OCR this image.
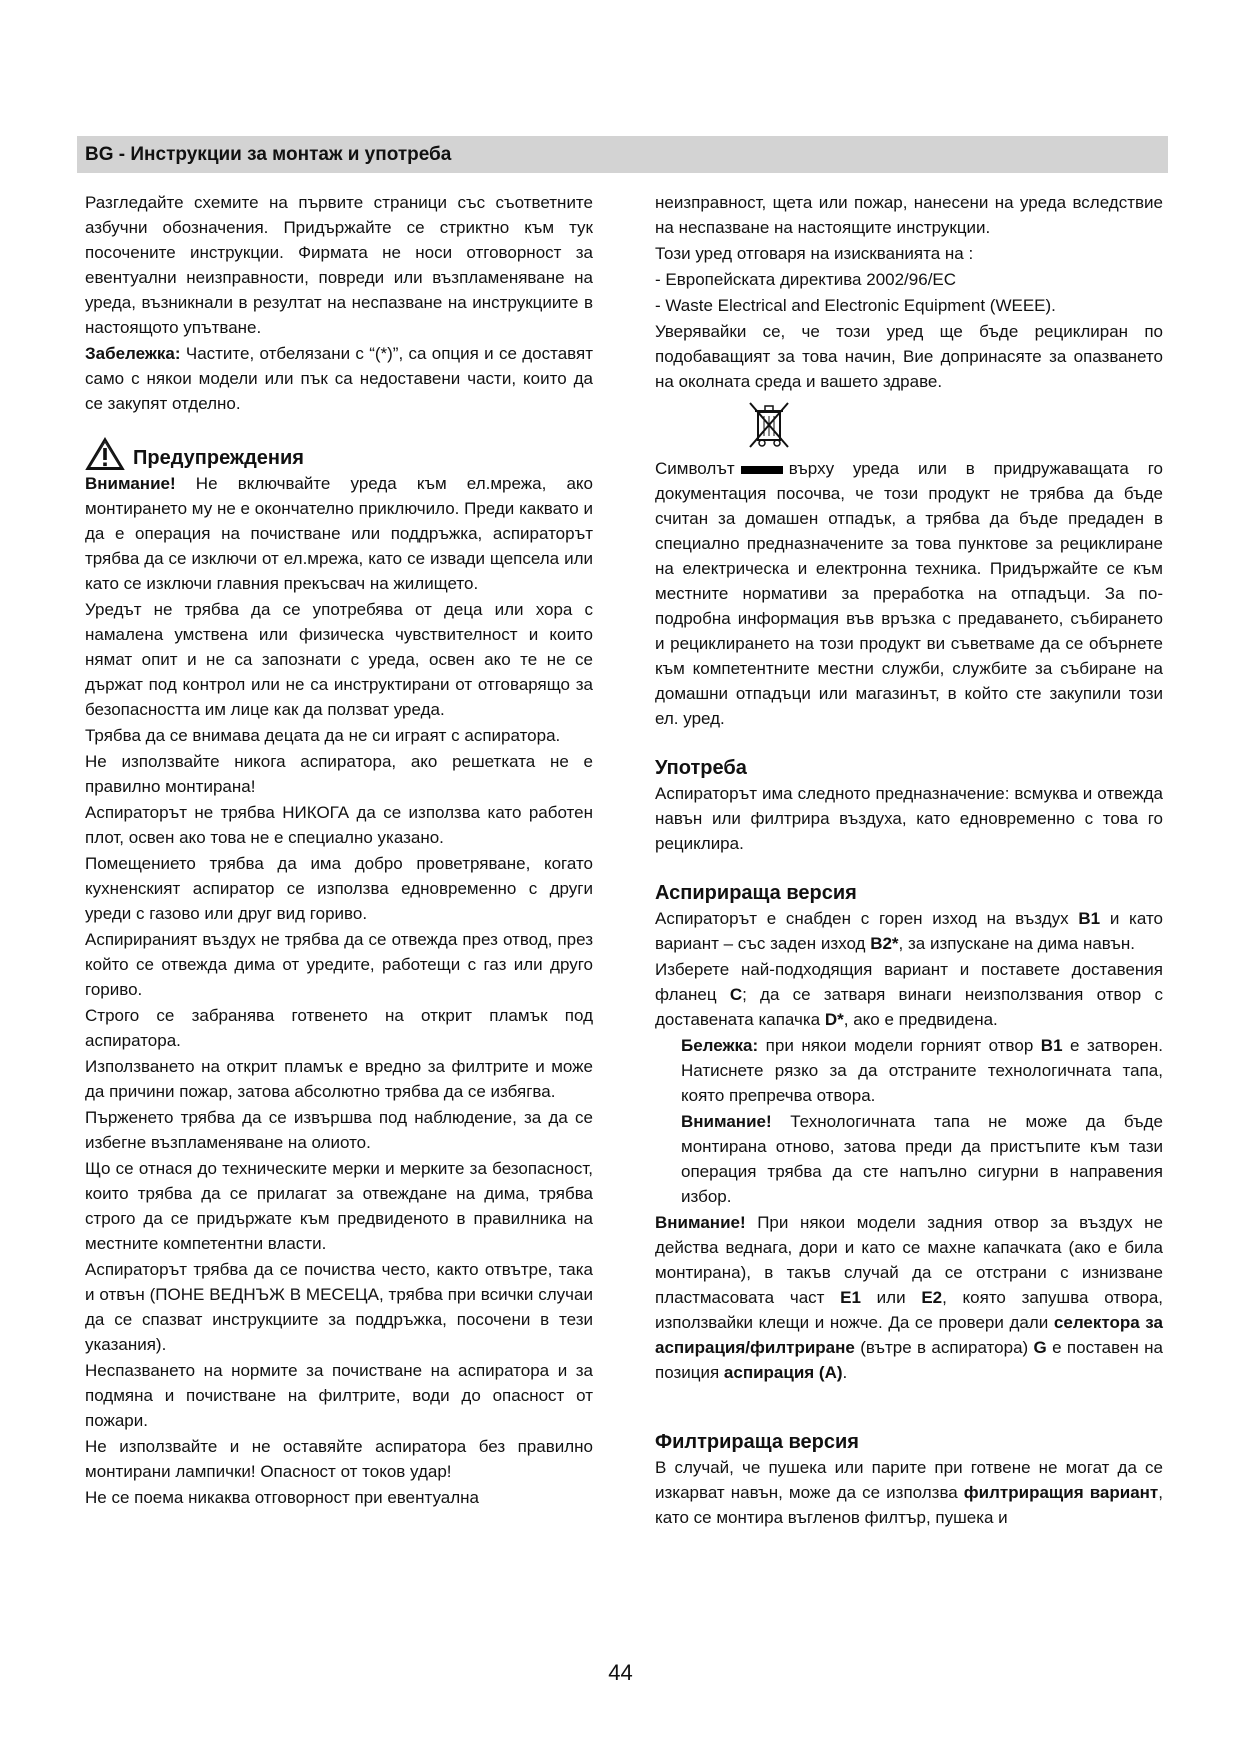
BG - Инструкции за монтаж и употреба

Разгледайте схемите на първите страници със съответните азбучни обозначения. Придържайте се стриктно към тук посочените инструкции. Фирмата не носи отговорност за евентуални неизправности, повреди или възпламеняване на уреда, възникнали в резултат на неспазване на инструкциите в настоящото упътване.

Забележка: Частите, отбелязани с “(*)”, са опция и се доставят само с някои модели или пък са недоставени части, които да се закупят отделно.

Предупреждения

Внимание! Не включвайте уреда към ел.мрежа, ако монтирането му не е окончателно приключило. Преди каквато и да е операция на почистване или поддръжка, аспираторът трябва да се изключи от ел.мрежа, като се извади щепсела или като се изключи главния прекъсвач на жилището.

Уредът не трябва да се употребява от деца или хора с намалена умствена или физическа чувствителност и които нямат опит и не са запознати с уреда, освен ако те не се държат под контрол или не са инструктирани от отговарящо за безопасността им лице как да ползват уреда.

Трябва да се внимава децата да не си играят с аспиратора.

Не използвайте никога аспиратора, ако решетката не е правилно монтирана!

Аспираторът не трябва НИКОГА да се използва като работен плот, освен ако това не е специално указано.

Помещението трябва да има добро проветряване, когато кухненският аспиратор се използва едновременно с други уреди с газово или друг вид гориво.

Аспирираният въздух не трябва да се отвежда през отвод, през който се отвежда дима от уредите, работещи с газ или друго гориво.

Строго се забранява готвенето на открит пламък под аспиратора.

Използването на открит пламък е вредно за филтрите и може да причини пожар, затова абсолютно трябва да се избягва.

Пърженето трябва да се извършва под наблюдение, за да се избегне възпламеняване на олиото.

Що се отнася до техническите мерки и мерките за безопасност, които трябва да се прилагат за отвеждане на дима, трябва строго да се придържате към предвиденото в правилника на местните компетентни власти.

Аспираторът трябва да се почиства често, както отвътре, така и отвън (ПОНЕ ВЕДНЪЖ В МЕСЕЦА, трябва при всички случаи да се спазват инструкциите за поддръжка, посочени в тези указания).

Неспазването на нормите за почистване на аспиратора и за подмяна и почистване на филтрите, води до опасност от пожари.

Не използвайте и не оставяйте аспиратора без правилно монтирани лампички! Опасност от токов удар!

Не се поема никаква отговорност при евентуална

неизправност, щета или пожар, нанесени на уреда вследствие на неспазване на настоящите инструкции.

Този уред отговаря на изискванията на :

- Европейската директива 2002/96/EC

- Waste Electrical and Electronic Equipment (WEEE).

Уверявайки се, че този уред ще бъде рециклиран по подобаващият за това начин, Вие допринасяте за опазването на околната среда и вашето здраве.

Символът	върху уреда или в придружаващата го документация посочва, че този продукт не трябва да бъде считан за домашен отпадък, а трябва да бъде предаден в специално предназначените за това пунктове за рециклиране на електрическа и електронна техника. Придържайте се към местните нормативи за преработка на отпадъци. За по-подробна информация във връзка с предаването, събирането и рециклирането на този продукт ви съветваме да се обърнете към компетентните местни служби, службите за събиране на домашни отпадъци или магазинът, в който сте закупили този ел. уред.

Употреба

Аспираторът има следното предназначение: всмуква и отвежда навън или филтрира въздуха, като едновременно с това го рециклира.

Аспирираща версия

Аспираторът е снабден с горен изход на въздух B1 и като вариант – със заден изход B2*, за изпускане на дима навън.

Изберете най-подходящия вариант и поставете доставения фланец C; да се затваря винаги неизползвания отвор с доставената капачка D*, ако е предвидена.

Бележка: при някои модели горният отвор B1 е затворен. Натиснете рязко за да отстраните технологичната тапа, която препречва отвора.

Внимание! Технологичната тапа не може да бъде монтирана отново, затова преди да пристъпите към тази операция трябва да сте напълно сигурни в направения избор.

Внимание! При някои модели задния отвор за въздух не действа веднага, дори и като се махне капачката (ако е била монтирана), в такъв случай да се отстрани с изнизване пластмасовата част E1 или E2, която запушва отвора, използвайки клещи и ножче. Да се провери дали селектора за аспирация/филтриране (вътре в аспиратора) G е поставен на позиция аспирация (А).

Филтрираща версия

В случай, че пушека или парите при готвене не могат да се изкарват навън, може да се използва филтриращия вариант, като се монтира въгленов филтър, пушека и

44
